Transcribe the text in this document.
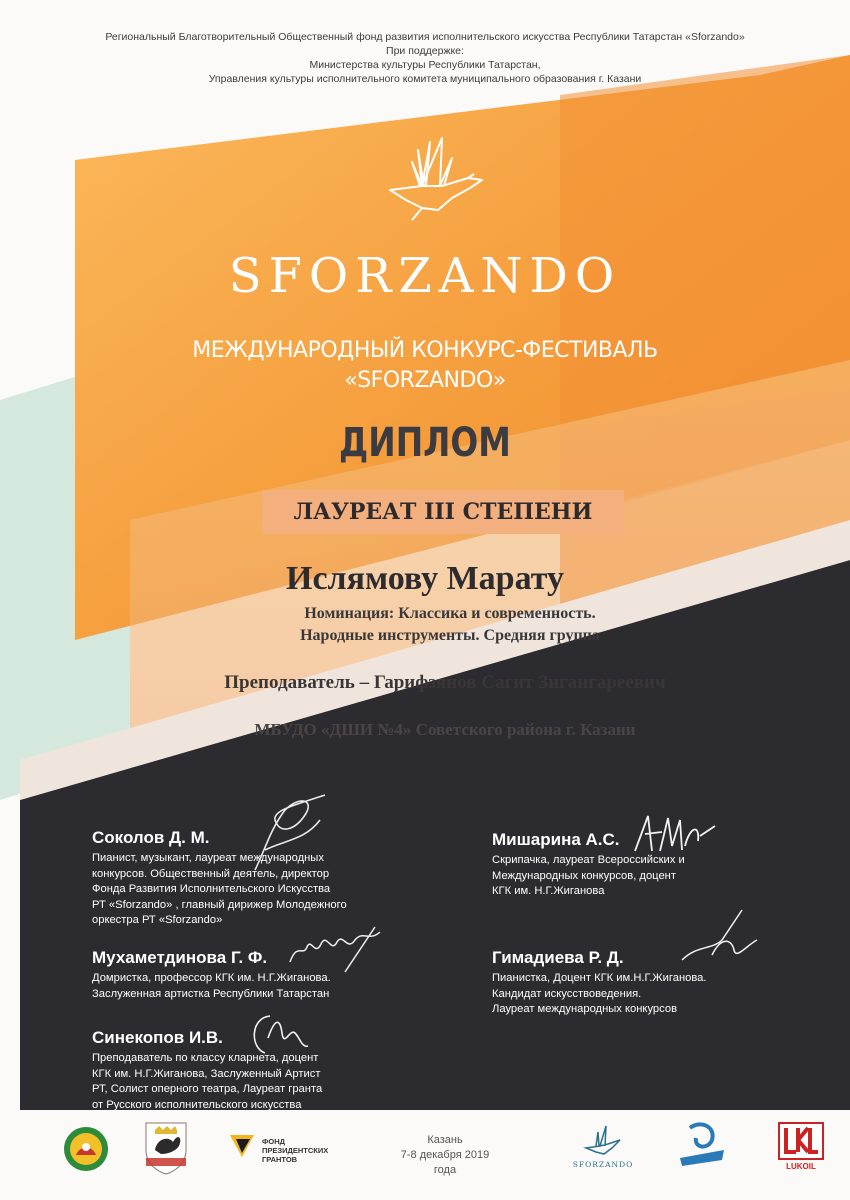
Региональный Благотворительный Общественный фонд развития исполнительского искусства Республики Татарстан «Sforzando»
При поддержке:
Министерства культуры Республики Татарстан,
Управления культуры исполнительного комитета муниципального образования г. Казани
SFORZANDO
МЕЖДУНАРОДНЫЙ КОНКУРС-ФЕСТИВАЛЬ
«SFORZANDO»
ДИПЛОМ
ЛАУРЕАТ III СТЕПЕНИ
Ислямову Марату
Номинация: Классика и современность.
Народные инструменты. Средняя группа
Преподаватель – Гарифзянов Сагит Зигангареевич
МБУДО «ДШИ №4» Советского района г. Казани
Соколов Д. М.
Пианист, музыкант, лауреат международных
конкурсов. Общественный деятель, директор
Фонда Развития Исполнительского Искусства
РТ «Sforzando» , главный дирижер Молодежного
оркестра РТ «Sforzando»
Мишарина А.С.
Скрипачка, лауреат Всероссийских и
Международных конкурсов, доцент
КГК им. Н.Г.Жиганова
Мухаметдинова Г. Ф.
Домристка, профессор КГК им. Н.Г.Жиганова.
Заслуженная артистка Республики Татарстан
Гимадиева Р. Д.
Пианистка, Доцент КГК им.Н.Г.Жиганова.
Кандидат искусствоведения.
Лауреат международных конкурсов
Синекопов И.В.
Преподаватель по классу кларнета, доцент
КГК им. Н.Г.Жиганова, Заслуженный Артист
РТ, Солист оперного театра, Лауреат гранта
от Русского исполнительского искусства
ФОНД
ПРЕЗИДЕНТСКИХ
ГРАНТОВ
Казань
7-8 декабря 2019 года	SFORZANDO	LUKOIL
